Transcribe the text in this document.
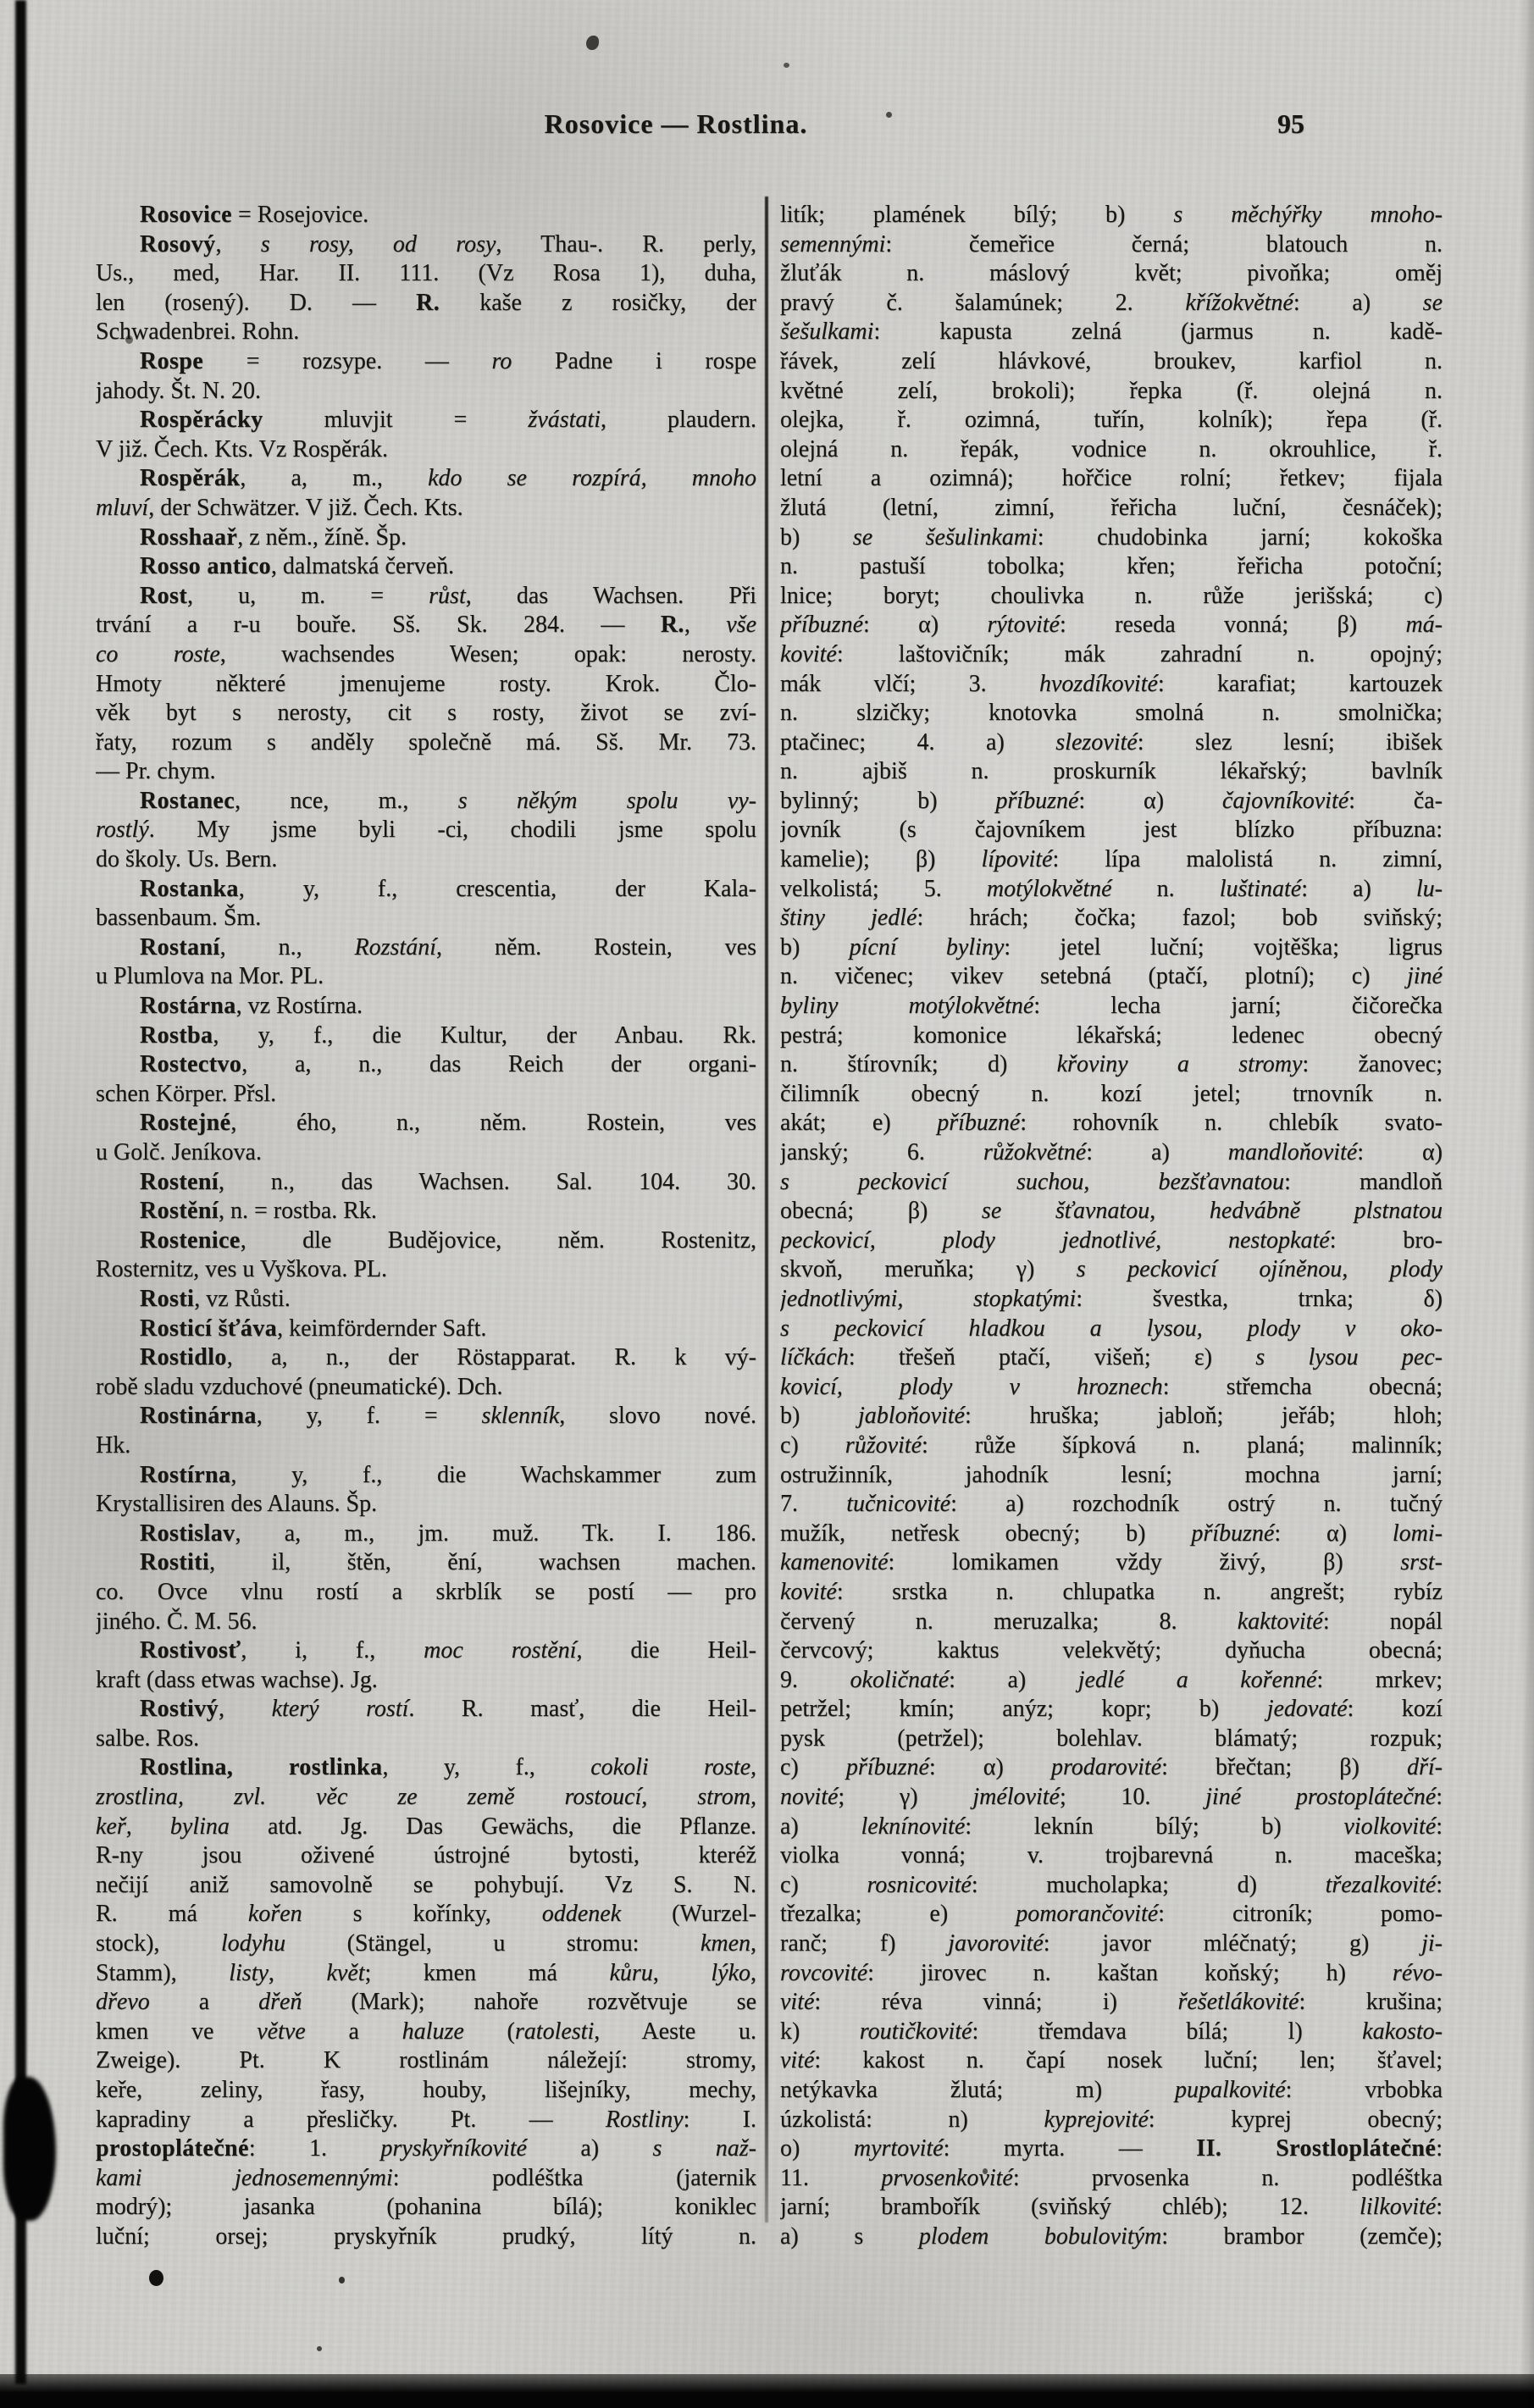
Rosovice — Rostlina.	95
Rosovice = Rosejovice.
Rosový, s rosy, od rosy, Thau-. R. perly,
Us., med, Har. II. 111. (Vz Rosa 1), duha,
len (rosený). D. — R. kaše z rosičky, der
Schwadenbrei. Rohn.
Rospe = rozsype. — ro Padne i rospe
jahody. Št. N. 20.
Rospěrácky mluvjit = žvástati, plaudern.
V již. Čech. Kts. Vz Rospěrák.
Rospěrák, a, m., kdo se rozpírá, mnoho
mluví, der Schwätzer. V již. Čech. Kts.
Rosshaař, z něm., žíně. Šp.
Rosso antico, dalmatská červeň.
Rost, u, m. = růst, das Wachsen. Při
trvání a r-u bouře. Sš. Sk. 284. — R., vše
co roste, wachsendes Wesen; opak: nerosty.
Hmoty některé jmenujeme rosty. Krok. Člo-
věk byt s nerosty, cit s rosty, život se zví-
řaty, rozum s anděly společně má. Sš. Mr. 73.
— Pr. chym.
Rostanec, nce, m., s někým spolu vy-
rostlý. My jsme byli -ci, chodili jsme spolu
do školy. Us. Bern.
Rostanka, y, f., crescentia, der Kala-
bassenbaum. Šm.
Rostaní, n., Rozstání, něm. Rostein, ves
u Plumlova na Mor. PL.
Rostárna, vz Rostírna.
Rostba, y, f., die Kultur, der Anbau. Rk.
Rostectvo, a, n., das Reich der organi-
schen Körper. Přsl.
Rostejné, ého, n., něm. Rostein, ves
u Golč. Jeníkova.
Rostení, n., das Wachsen. Sal. 104. 30.
Rostění, n. = rostba. Rk.
Rostenice, dle Budějovice, něm. Rostenitz,
Rosternitz, ves u Vyškova. PL.
Rosti, vz Růsti.
Rosticí šťáva, keimfördernder Saft.
Rostidlo, a, n., der Röstapparat. R. k vý-
robě sladu vzduchové (pneumatické). Dch.
Rostinárna, y, f. = sklenník, slovo nové.
Hk.
Rostírna, y, f., die Wachskammer zum
Krystallisiren des Alauns. Šp.
Rostislav, a, m., jm. muž. Tk. I. 186.
Rostiti, il, štěn, ění, wachsen machen.
co. Ovce vlnu rostí a skrblík se postí — pro
jiného. Č. M. 56.
Rostivosť, i, f., moc rostění, die Heil-
kraft (dass etwas wachse). Jg.
Rostivý, který rostí. R. masť, die Heil-
salbe. Ros.
Rostlina, rostlinka, y, f., cokoli roste,
zrostlina, zvl. věc ze země rostoucí, strom,
keř, bylina atd. Jg. Das Gewächs, die Pflanze.
R-ny jsou oživené ústrojné bytosti, kteréž
nečijí aniž samovolně se pohybují. Vz S. N.
R. má kořen s kořínky, oddenek (Wurzel-
stock), lodyhu (Stängel, u stromu: kmen,
Stamm), listy, květ; kmen má kůru, lýko,
dřevo a dřeň (Mark); nahoře rozvětvuje se
kmen ve větve a haluze (ratolesti, Aeste u.
Zweige). Pt. K rostlinám náležejí: stromy,
keře, zeliny, řasy, houby, lišejníky, mechy,
kapradiny a přesličky. Pt. — Rostliny: I.
prostoplátečné: 1. pryskyřníkovité a) s naž-
kami jednosemennými: podléštka (jaternik
modrý); jasanka (pohanina bílá); koniklec
luční; orsej; pryskyřník prudký, lítý n.
litík; plamének bílý; b) s měchýřky mnoho-
semennými: čemeřice černá; blatouch n.
žluťák n. máslový květ; pivoňka; oměj
pravý č. šalamúnek; 2. křížokvětné: a) se
šešulkami: kapusta zelná (jarmus n. kadě-
řávek, zelí hlávkové, broukev, karfiol n.
květné zelí, brokoli); řepka (ř. olejná n.
olejka, ř. ozimná, tuřín, kolník); řepa (ř.
olejná n. řepák, vodnice n. okrouhlice, ř.
letní a ozimná); hořčice rolní; řetkev; fijala
žlutá (letní, zimní, řeřicha luční, česnáček);
b) se šešulinkami: chudobinka jarní; kokoška
n. pastuší tobolka; křen; řeřicha potoční;
lnice; boryt; choulivka n. růže jerišská; c)
příbuzné: α) rýtovité: reseda vonná; β) má-
kovité: laštovičník; mák zahradní n. opojný;
mák vlčí; 3. hvozdíkovité: karafiat; kartouzek
n. slzičky; knotovka smolná n. smolnička;
ptačinec; 4. a) slezovité: slez lesní; ibišek
n. ajbiš n. proskurník lékařský; bavlník
bylinný; b) příbuzné: α) čajovníkovité: ča-
jovník (s čajovníkem jest blízko příbuzna:
kamelie); β) lípovité: lípa malolistá n. zimní,
velkolistá; 5. motýlokvětné n. luštinaté: a) lu-
štiny jedlé: hrách; čočka; fazol; bob sviňský;
b) pícní byliny: jetel luční; vojtěška; ligrus
n. vičenec; vikev setebná (ptačí, plotní); c) jiné
byliny motýlokvětné: lecha jarní; čičorečka
pestrá; komonice lékařská; ledenec obecný
n. štírovník; d) křoviny a stromy: žanovec;
čilimník obecný n. kozí jetel; trnovník n.
akát; e) příbuzné: rohovník n. chlebík svato-
janský; 6. růžokvětné: a) mandloňovité: α)
s peckovicí suchou, bezšťavnatou: mandloň
obecná; β) se šťavnatou, hedvábně plstnatou
peckovicí, plody jednotlivé, nestopkaté: bro-
skvoň, meruňka; γ) s peckovicí ojíněnou, plody
jednotlivými, stopkatými: švestka, trnka; δ)
s peckovicí hladkou a lysou, plody v oko-
líčkách: třešeň ptačí, višeň; ε) s lysou pec-
kovicí, plody v hroznech: střemcha obecná;
b) jabloňovité: hruška; jabloň; jeřáb; hloh;
c) růžovité: růže šípková n. planá; malinník;
ostružinník, jahodník lesní; mochna jarní;
7. tučnicovité: a) rozchodník ostrý n. tučný
mužík, netřesk obecný; b) příbuzné: α) lomi-
kamenovité: lomikamen vždy živý, β) srst-
kovité: srstka n. chlupatka n. angrešt; rybíz
červený n. meruzalka; 8. kaktovité: nopál
červcový; kaktus velekvětý; dyňucha obecná;
9. okoličnaté: a) jedlé a kořenné: mrkev;
petržel; kmín; anýz; kopr; b) jedovaté: kozí
pysk (petržel); bolehlav. blámatý; rozpuk;
c) příbuzné: α) prodarovité: břečtan; β) dří-
novité; γ) jmélovité; 10. jiné prostoplátečné:
a) leknínovité: leknín bílý; b) violkovité:
violka vonná; v. trojbarevná n. maceška;
c) rosnicovité: mucholapka; d) třezalkovité:
třezalka; e) pomorančovité: citroník; pomo-
ranč; f) javorovité: javor mléčnatý; g) ji-
rovcovité: jirovec n. kaštan koňský; h) révo-
vité: réva vinná; i) řešetlákovité: krušina;
k) routičkovité: třemdava bílá; l) kakosto-
vité: kakost n. čapí nosek luční; len; šťavel;
netýkavka žlutá; m) pupalkovité: vrbobka
úzkolistá: n) kyprejovité: kyprej obecný;
o) myrtovité: myrta. — II. Srostloplátečné:
11. prvosenkovité: prvosenka n. podléštka
jarní; brambořík (sviňský chléb); 12. lilkovité:
a) s plodem bobulovitým: brambor (zemče);
